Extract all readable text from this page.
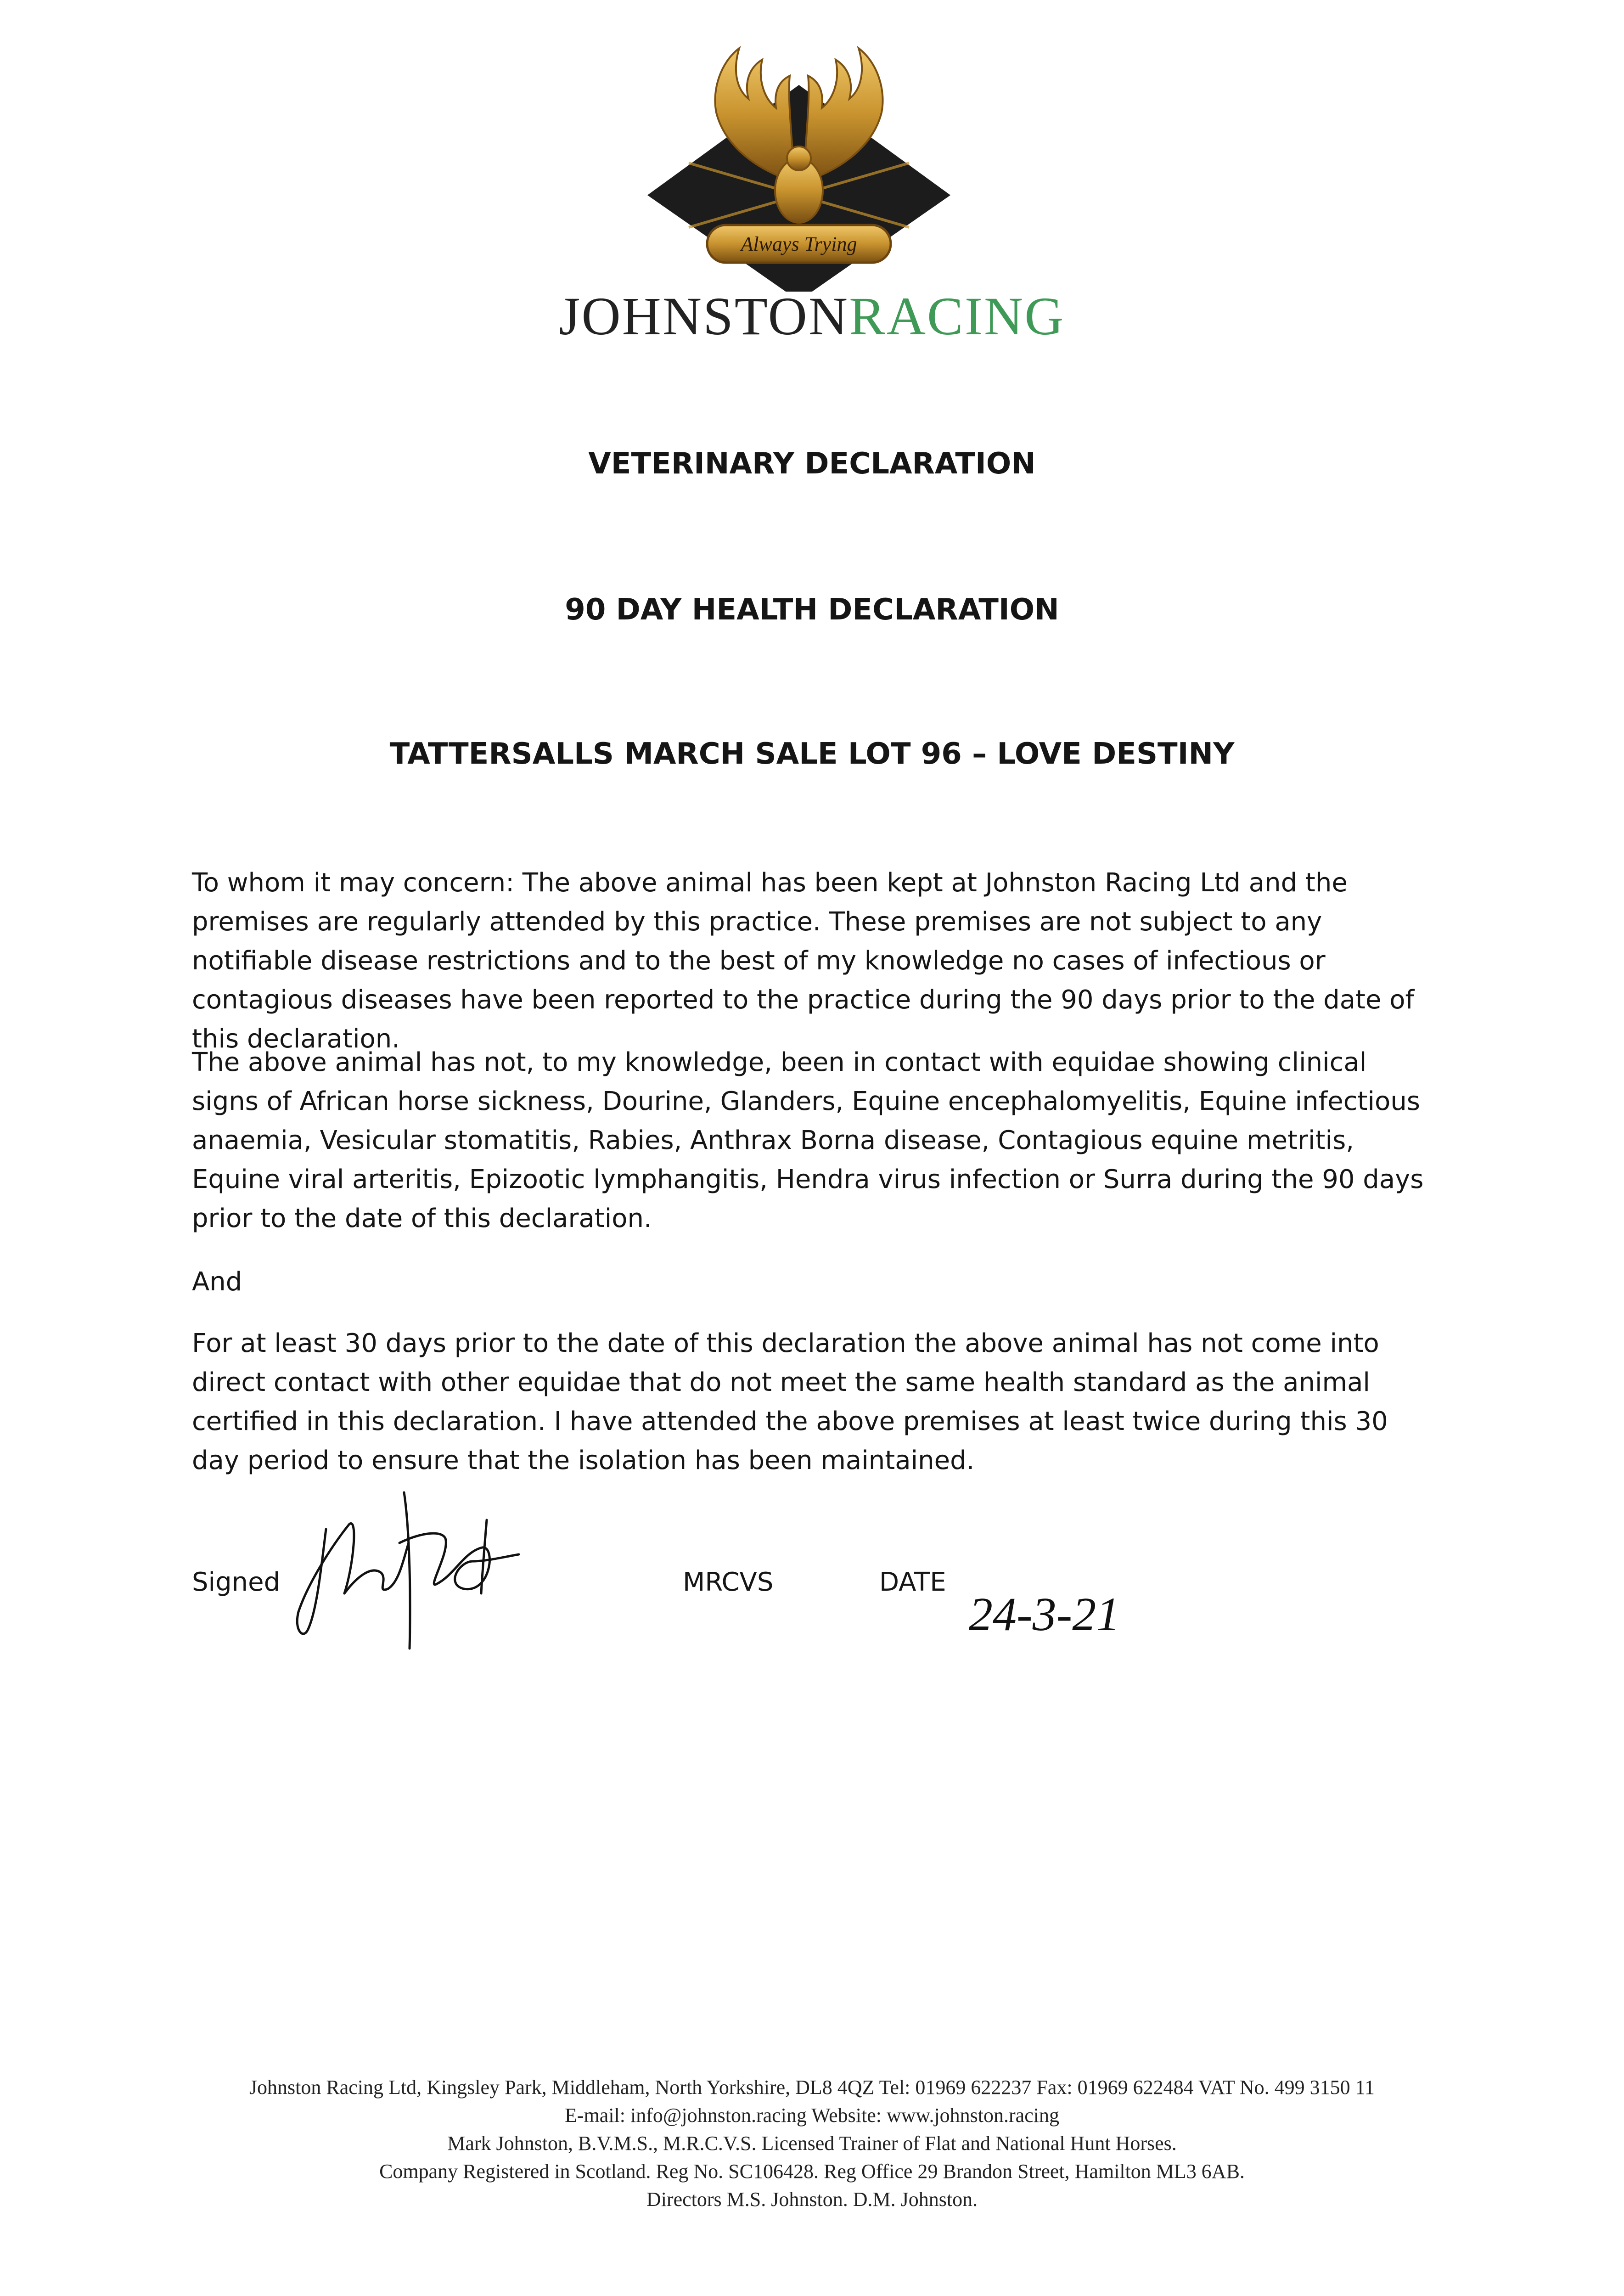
Always Trying
JOHNSTONRACING
VETERINARY DECLARATION
90 DAY HEALTH DECLARATION
TATTERSALLS MARCH SALE LOT 96 – LOVE DESTINY

To whom it may concern: The above animal has been kept at Johnston Racing Ltd and the premises are regularly attended by this practice. These premises are not subject to any notifiable disease restrictions and to the best of my knowledge no cases of infectious or contagious diseases have been reported to the practice during the 90 days prior to the date of this declaration.

The above animal has not, to my knowledge, been in contact with equidae showing clinical signs of African horse sickness, Dourine, Glanders, Equine encephalomyelitis, Equine infectious anaemia, Vesicular stomatitis, Rabies, Anthrax Borna disease, Contagious equine metritis, Equine viral arteritis, Epizootic lymphangitis, Hendra virus infection or Surra during the 90 days prior to the date of this declaration.

And

For at least 30 days prior to the date of this declaration the above animal has not come into direct contact with other equidae that do not meet the same health standard as the animal certified in this declaration. I have attended the above premises at least twice during this 30 day period to ensure that the isolation has been maintained.

Signed	MRCVS	DATE
24-3-21
Johnston Racing Ltd, Kingsley Park, Middleham, North Yorkshire, DL8 4QZ Tel: 01969 622237 Fax: 01969 622484 VAT No. 499 3150 11
E-mail: info@johnston.racing Website: www.johnston.racing
Mark Johnston, B.V.M.S., M.R.C.V.S. Licensed Trainer of Flat and National Hunt Horses.
Company Registered in Scotland. Reg No. SC106428. Reg Office 29 Brandon Street, Hamilton ML3 6AB.
Directors M.S. Johnston. D.M. Johnston.
